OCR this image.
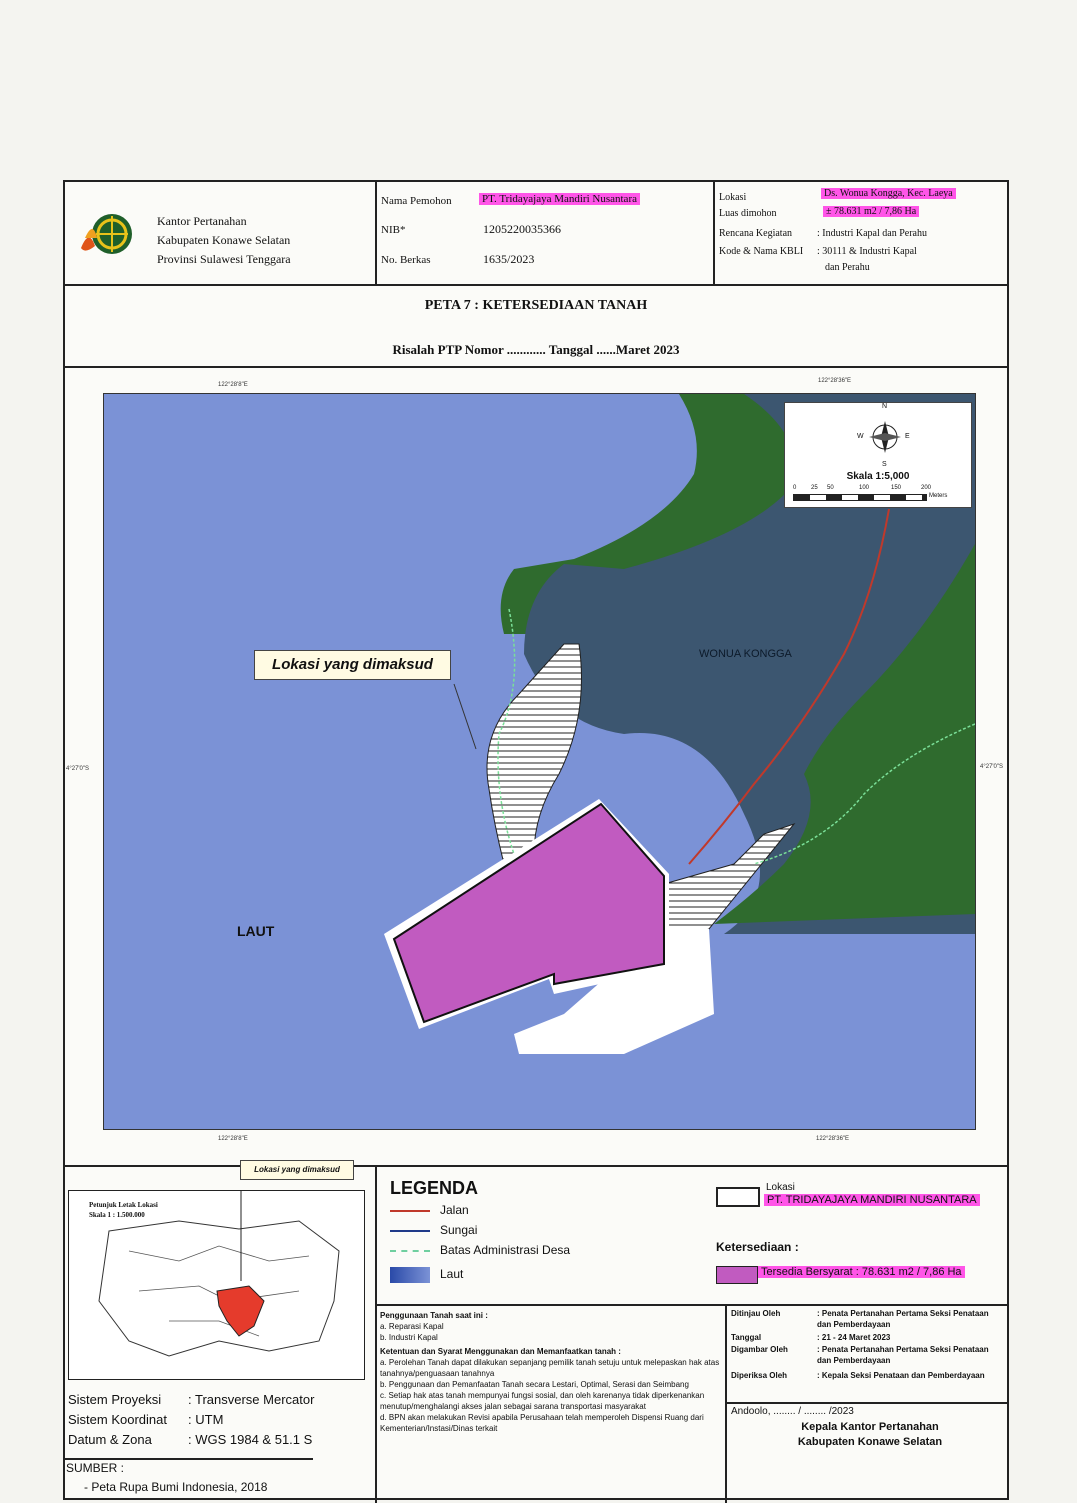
Kantor Pertanahan
Kabupaten Konawe Selatan
Provinsi Sulawesi Tenggara
Nama Pemohon	PT. Tridayajaya Mandiri Nusantara
NIB*	1205220035366
No. Berkas	1635/2023
Lokasi	Ds. Wonua Kongga, Kec. Laeya
Luas dimohon	± 78.631 m2 / 7,86 Ha
Rencana Kegiatan : Industri Kapal dan Perahu
Kode & Nama KBLI : 30111 & Industri Kapal
dan Perahu
PETA 7 : KETERSEDIAAN TANAH
Risalah PTP Nomor ............ Tanggal ......Maret 2023
122°28'8"E
122°28'36"E
122°28'8"E	122°28'36"E
4°27'0"S	4°27'0"S
Lokasi yang dimaksud
WONUA KONGGA
LAUT
N
S
E
W
Skala 1:5,000
0 25 50	100	150	200
Meters
Lokasi yang dimaksud
Petunjuk Letak Lokasi
Skala 1 : 1.500.000
Sistem Proyeksi : Transverse Mercator
Sistem Koordinat : UTM
Datum & Zona	: WGS 1984 & 51.1 S
SUMBER :
- Peta Rupa Bumi Indonesia, 2018
LEGENDA
Jalan
Sungai
Batas Administrasi Desa
Laut
Lokasi
PT. TRIDAYAJAYA MANDIRI NUSANTARA
Ketersediaan :
Tersedia Bersyarat : 78.631 m2 / 7,86 Ha
Penggunaan Tanah saat ini :
a. Reparasi Kapal
b. Industri Kapal
Ketentuan dan Syarat Menggunakan dan Memanfaatkan tanah :
a. Perolehan Tanah dapat dilakukan sepanjang pemilik tanah setuju untuk melepaskan hak atas tanahnya/penguasaan tanahnya
b. Penggunaan dan Pemanfaatan Tanah secara Lestari, Optimal, Serasi dan Seimbang
c. Setiap hak atas tanah mempunyai fungsi sosial, dan oleh karenanya tidak diperkenankan menutup/menghalangi akses jalan sebagai sarana transportasi masyarakat
d. BPN akan melakukan Revisi apabila Perusahaan telah memperoleh Dispensi Ruang dari Kementerian/Instasi/Dinas terkait
Ditinjau Oleh	: Penata Pertanahan Pertama Seksi Penataan dan Pemberdayaan
Tanggal	: 21 - 24 Maret 2023
Digambar Oleh	: Penata Pertanahan Pertama Seksi Penataan dan Pemberdayaan
Diperiksa Oleh	: Kepala Seksi Penataan dan Pemberdayaan
Andoolo, ........ / ........ /2023
Kepala Kantor Pertanahan
Kabupaten Konawe Selatan
